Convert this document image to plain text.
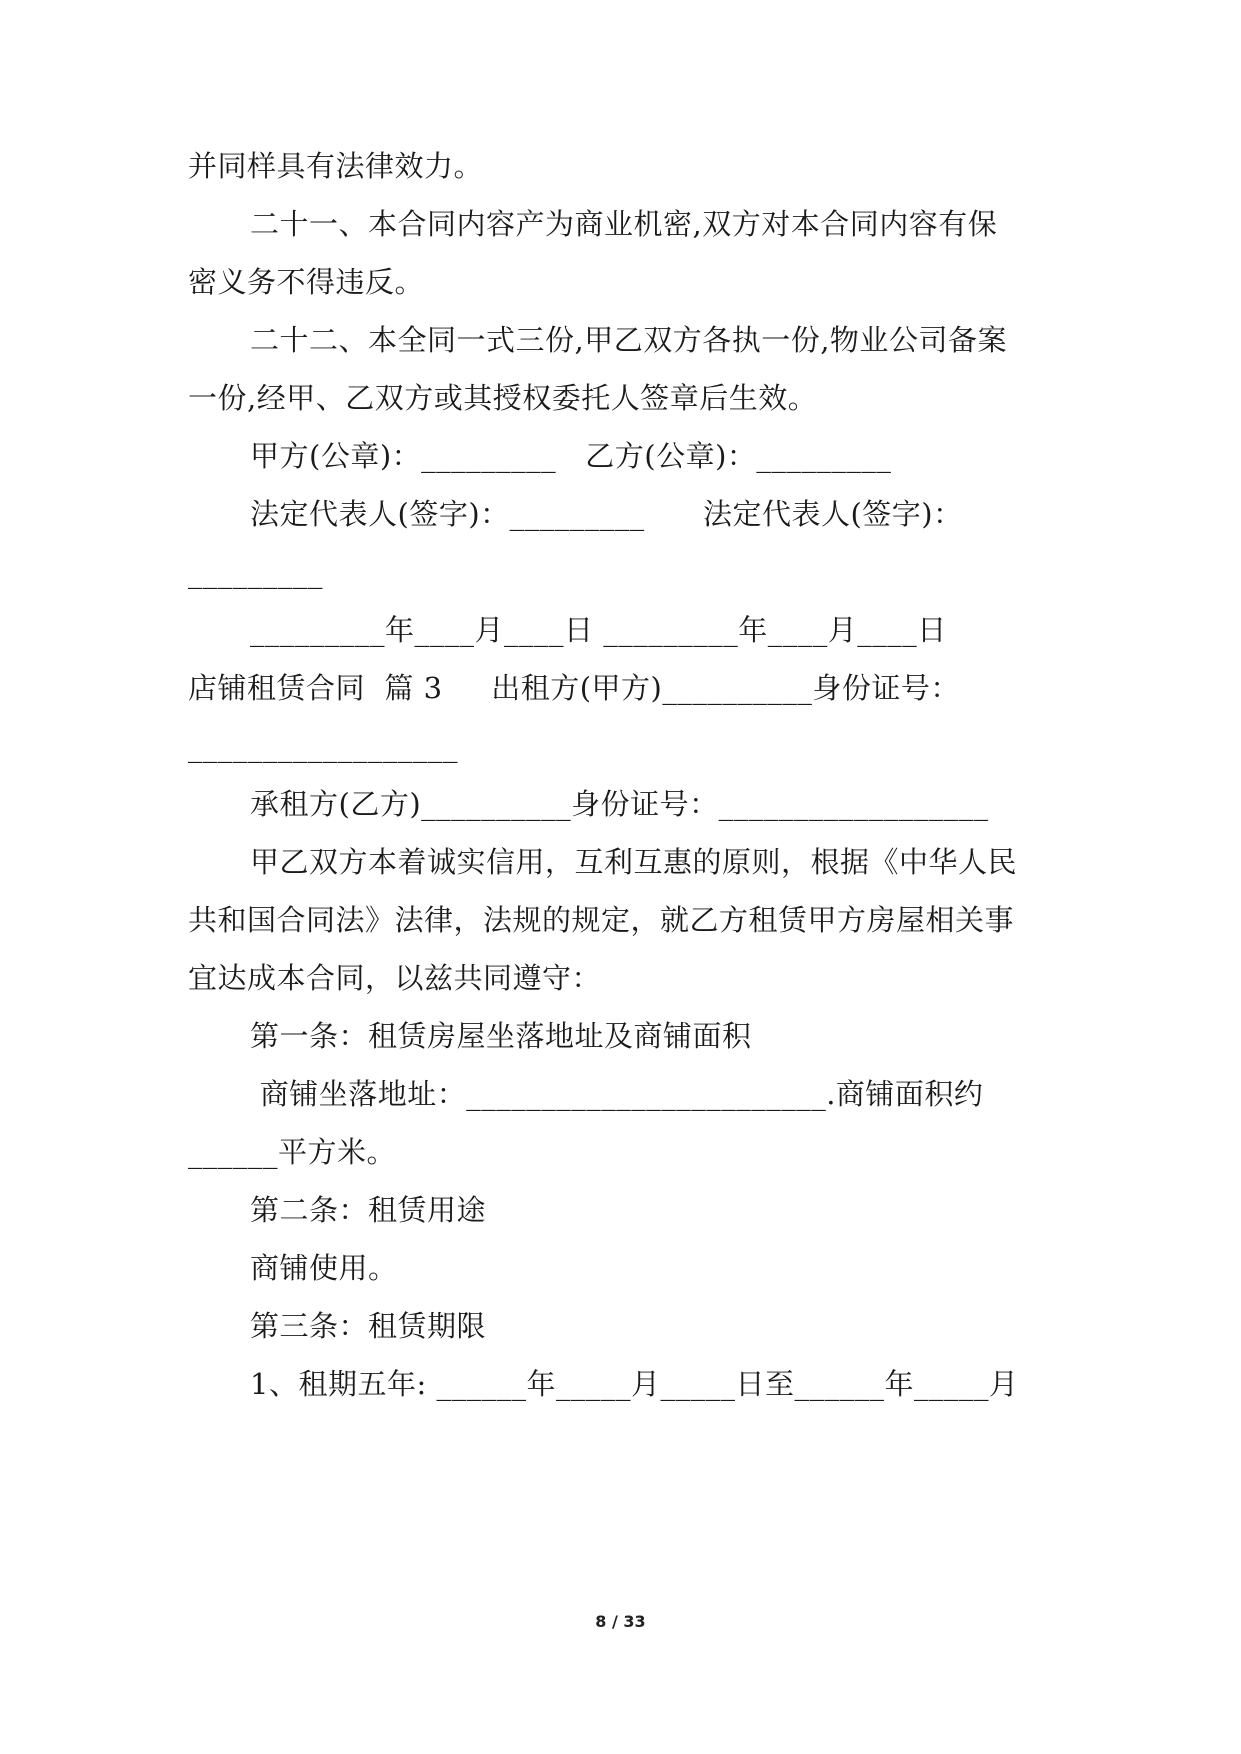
并同样具有法律效力。
二十一、本合同内容产为商业机密,双方对本合同内容有保
密义务不得违反。
二十二、本全同一式三份,甲乙双方各执一份,物业公司备案
一份,经甲、乙双方或其授权委托人签章后生效。
甲方(公章)：_________   乙方(公章)：_________
法定代表人(签字)：_________      法定代表人(签字)：
_________
_________年____月____日 _________年____月____日
店铺租赁合同  篇 3     出租方(甲方)__________身份证号：
__________________
承租方(乙方)__________身份证号：__________________
甲乙双方本着诚实信用，互利互惠的原则，根据《中华人民
共和国合同法》法律，法规的规定，就乙方租赁甲方房屋相关事
宜达成本合同，以兹共同遵守：
第一条：租赁房屋坐落地址及商铺面积
商铺坐落地址：________________________.商铺面积约
______平方米。
第二条：租赁用途
商铺使用。
第三条：租赁期限
1、租期五年: ______年_____月_____日至______年_____月
8 / 33
